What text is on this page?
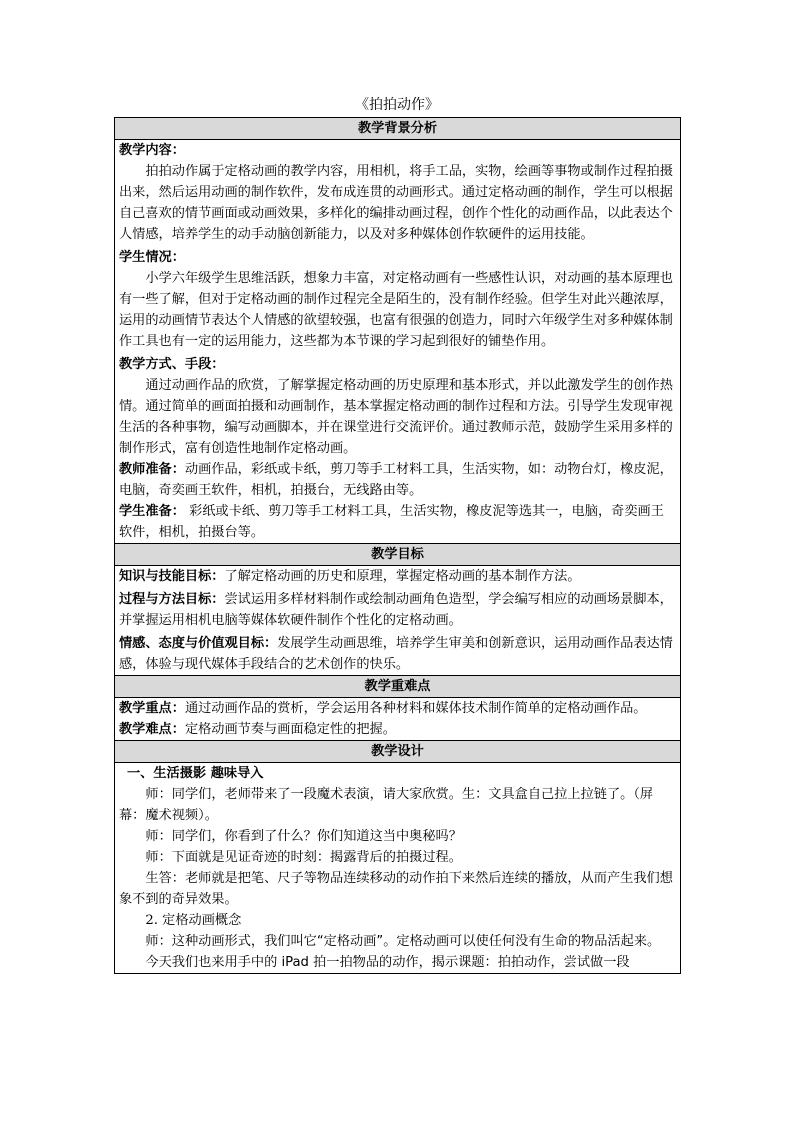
《拍拍动作》
教学背景分析

教学内容：
拍拍动作属于定格动画的教学内容，用相机，将手工品，实物，绘画等事物或制作过程拍摄出来，然后运用动画的制作软件，发布成连贯的动画形式。通过定格动画的制作，学生可以根据自己喜欢的情节画面或动画效果，多样化的编排动画过程，创作个性化的动画作品，以此表达个人情感，培养学生的动手动脑创新能力，以及对多种媒体创作软硬件的运用技能。
学生情况：
小学六年级学生思维活跃，想象力丰富，对定格动画有一些感性认识，对动画的基本原理也有一些了解，但对于定格动画的制作过程完全是陌生的，没有制作经验。但学生对此兴趣浓厚，运用的动画情节表达个人情感的欲望较强，也富有很强的创造力，同时六年级学生对多种媒体制作工具也有一定的运用能力，这些都为本节课的学习起到很好的铺垫作用。
教学方式、手段：
通过动画作品的欣赏，了解掌握定格动画的历史原理和基本形式，并以此激发学生的创作热情。通过简单的画面拍摄和动画制作，基本掌握定格动画的制作过程和方法。引导学生发现审视生活的各种事物，编写动画脚本，并在课堂进行交流评价。通过教师示范，鼓励学生采用多样的制作形式，富有创造性地制作定格动画。
教师准备：动画作品，彩纸或卡纸，剪刀等手工材料工具，生活实物，如：动物台灯，橡皮泥，电脑，奇奕画王软件，相机，拍摄台，无线路由等。
学生准备： 彩纸或卡纸、剪刀等手工材料工具，生活实物，橡皮泥等选其一，电脑，奇奕画王软件，相机，拍摄台等。

教学目标

知识与技能目标：了解定格动画的历史和原理，掌握定格动画的基本制作方法。
过程与方法目标：尝试运用多样材料制作或绘制动画角色造型，学会编写相应的动画场景脚本，并掌握运用相机电脑等媒体软硬件制作个性化的定格动画。
情感、态度与价值观目标：发展学生动画思维，培养学生审美和创新意识，运用动画作品表达情感，体验与现代媒体手段结合的艺术创作的快乐。

教学重难点

教学重点：通过动画作品的赏析，学会运用各种材料和媒体技术制作简单的定格动画作品。
教学难点：定格动画节奏与画面稳定性的把握。

教学设计

一、生活摄影 趣味导入
师：同学们，老师带来了一段魔术表演，请大家欣赏。生：文具盒自己拉上拉链了。（屏幕：魔术视频）。
师：同学们，你看到了什么？你们知道这当中奥秘吗？
师：下面就是见证奇迹的时刻：揭露背后的拍摄过程。
生答：老师就是把笔、尺子等物品连续移动的动作拍下来然后连续的播放，从而产生我们想象不到的奇异效果。
2. 定格动画概念
师：这种动画形式，我们叫它“定格动画”。定格动画可以使任何没有生命的物品活起来。
今天我们也来用手中的 iPad 拍一拍物品的动作，揭示课题：拍拍动作，尝试做一段
